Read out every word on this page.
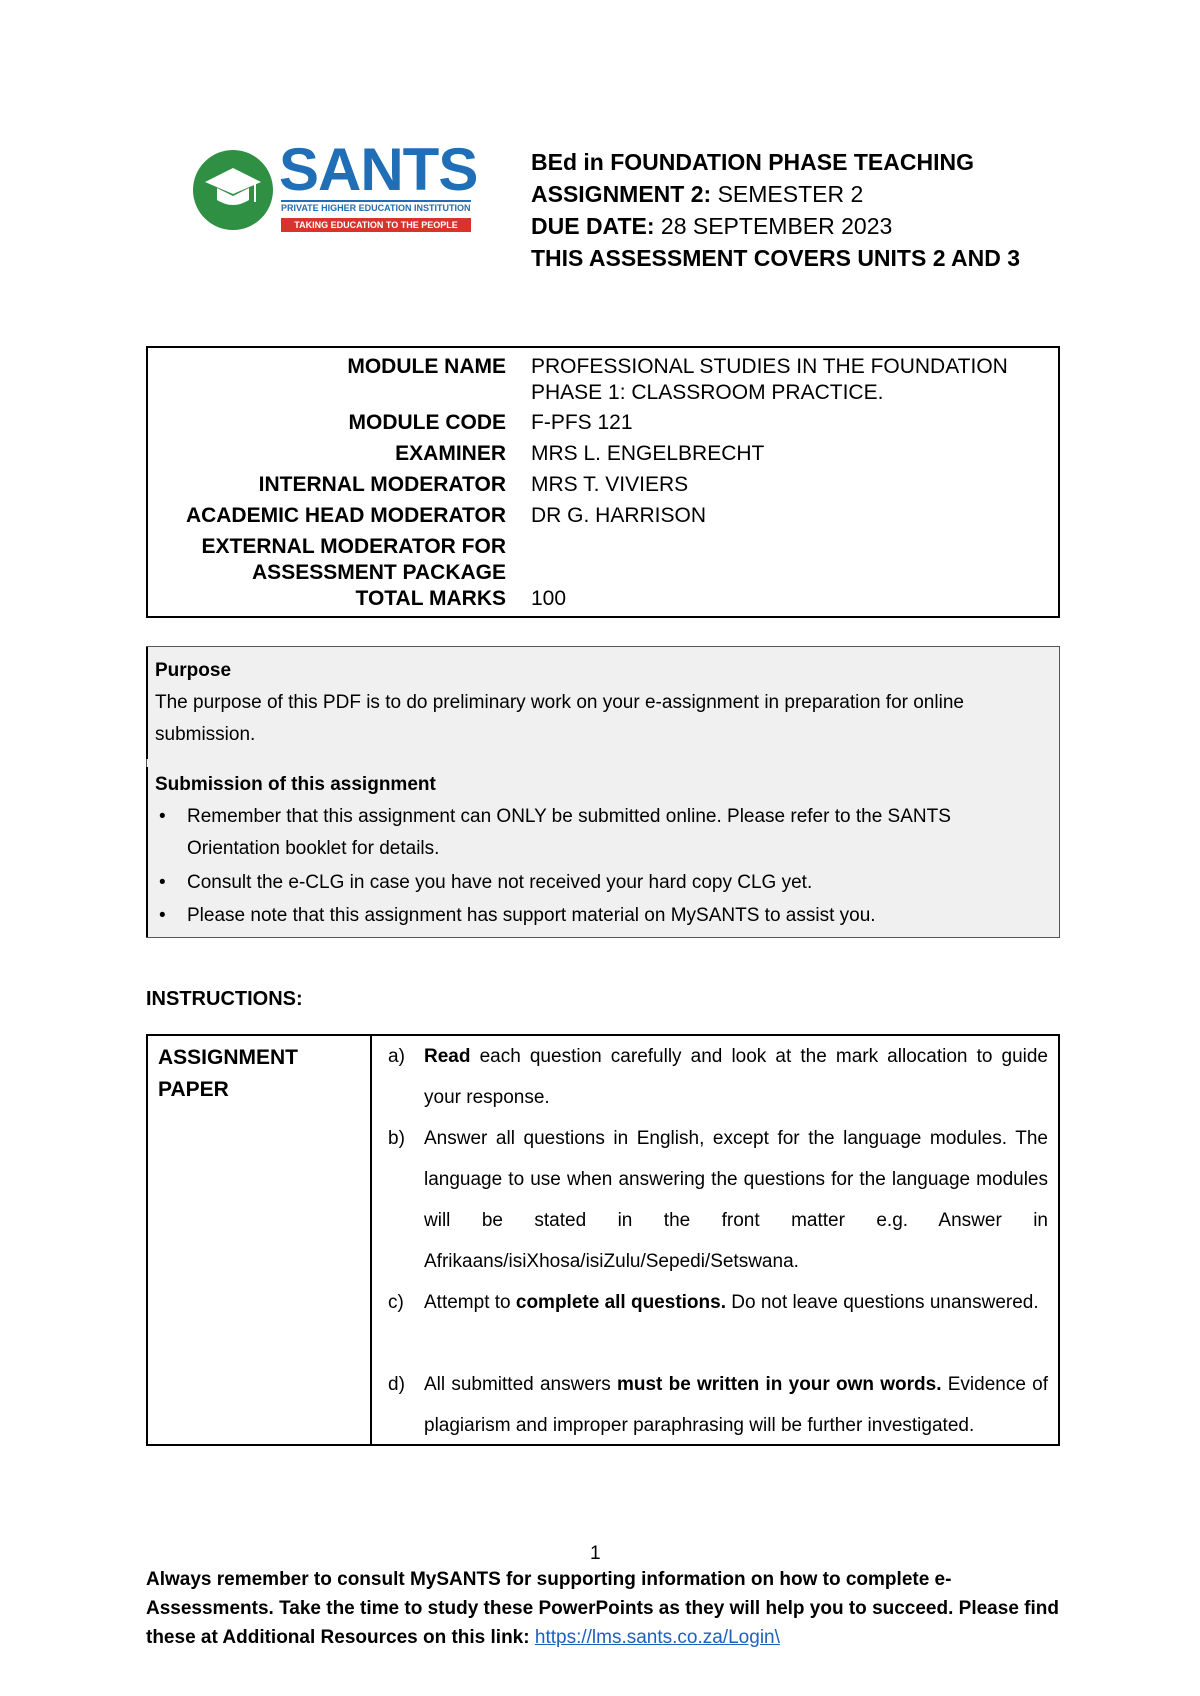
SANTS
PRIVATE HIGHER EDUCATION INSTITUTION
TAKING EDUCATION TO THE PEOPLE
BEd in FOUNDATION PHASE TEACHING
ASSIGNMENT 2: SEMESTER 2
DUE DATE: 28 SEPTEMBER 2023
THIS ASSESSMENT COVERS UNITS 2 AND 3
MODULE NAME PROFESSIONAL STUDIES IN THE FOUNDATION PHASE 1: CLASSROOM PRACTICE.
MODULE CODE F-PFS 121
EXAMINER MRS L. ENGELBRECHT
INTERNAL MODERATOR MRS T. VIVIERS
ACADEMIC HEAD MODERATOR DR G. HARRISON
EXTERNAL MODERATOR FOR ASSESSMENT PACKAGE
TOTAL MARKS 100
Purpose
The purpose of this PDF is to do preliminary work on your e-assignment in preparation for online submission.
Submission of this assignment
• Remember that this assignment can ONLY be submitted online. Please refer to the SANTS Orientation booklet for details.
• Consult the e-CLG in case you have not received your hard copy CLG yet.
• Please note that this assignment has support material on MySANTS to assist you.
INSTRUCTIONS:
ASSIGNMENT PAPER
a) Read each question carefully and look at the mark allocation to guide your response.
b) Answer all questions in English, except for the language modules. The language to use when answering the questions for the language modules will be stated in the front matter e.g. Answer in Afrikaans/isiXhosa/isiZulu/Sepedi/Setswana.
c) Attempt to complete all questions. Do not leave questions unanswered.
d) All submitted answers must be written in your own words. Evidence of plagiarism and improper paraphrasing will be further investigated.
1
Always remember to consult MySANTS for supporting information on how to complete e-Assessments. Take the time to study these PowerPoints as they will help you to succeed. Please find these at Additional Resources on this link: https://lms.sants.co.za/Login\
